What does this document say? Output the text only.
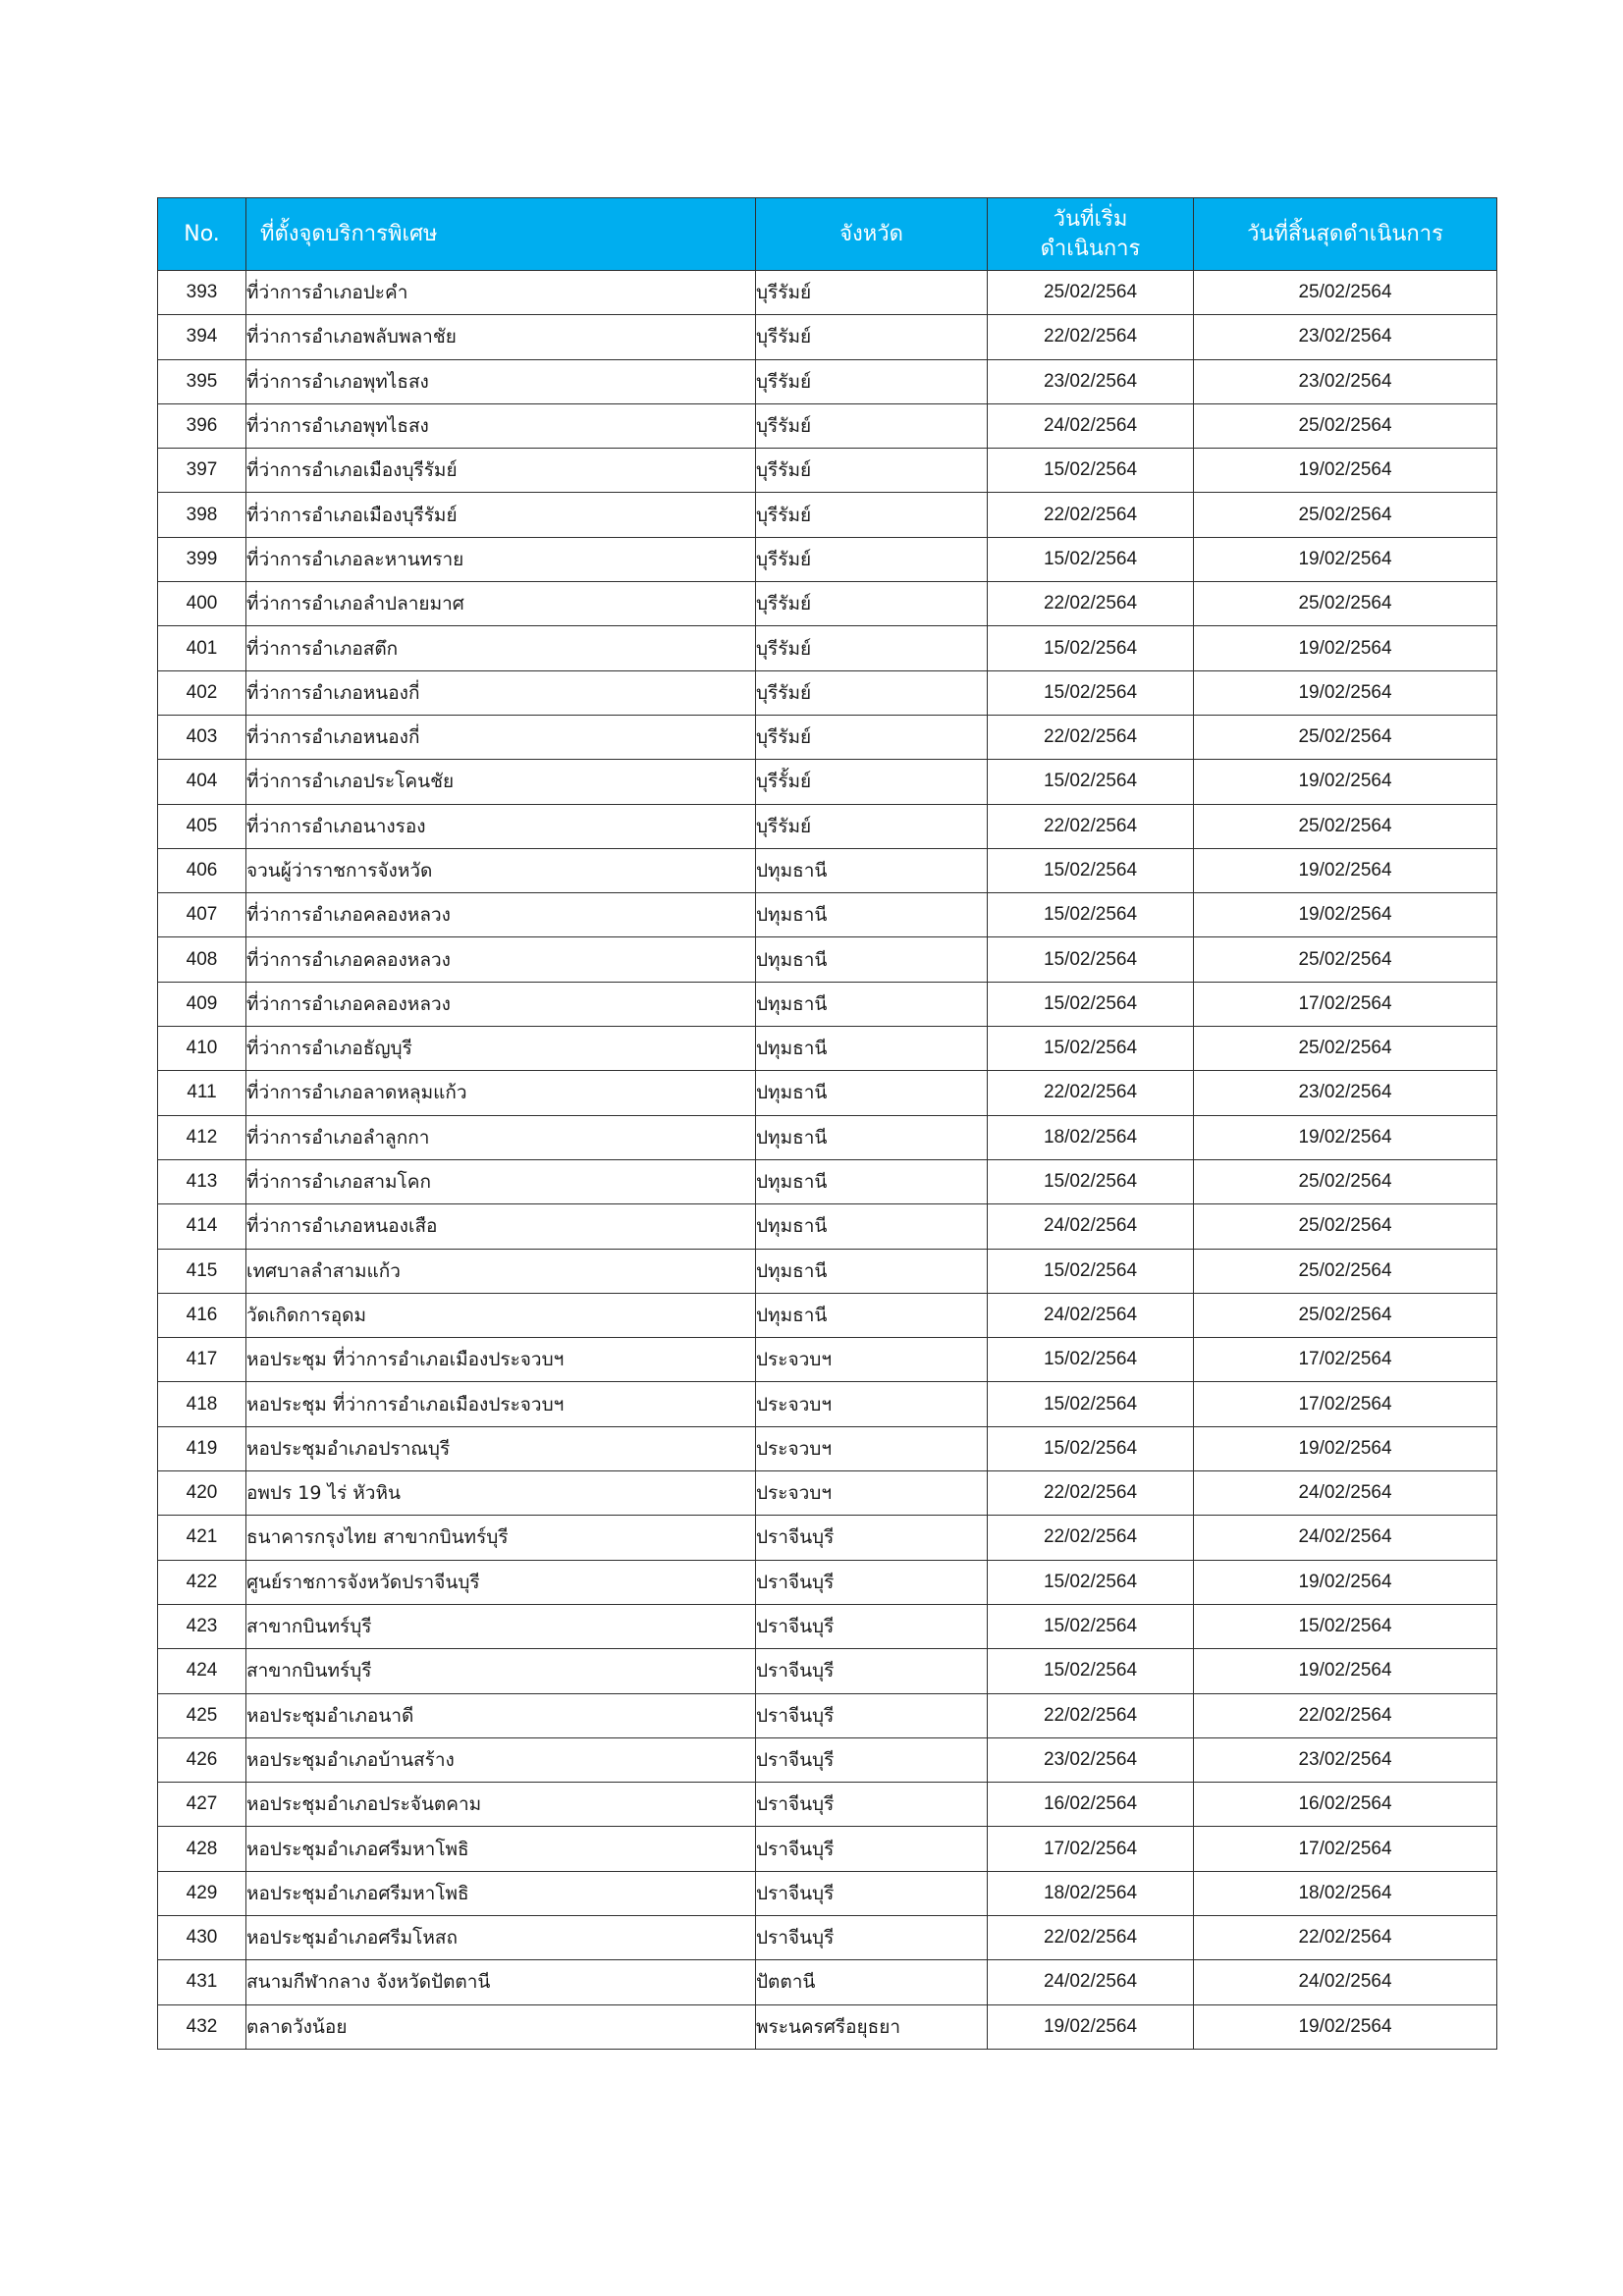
No.	ที่ตั้งจุดบริการพิเศษ	จังหวัด	วันที่เริ่ม
ดำเนินการ	วันที่สิ้นสุดดำเนินการ
393	ที่ว่าการอำเภอปะคำ	บุรีรัมย์	25/02/2564	25/02/2564
394	ที่ว่าการอำเภอพลับพลาชัย	บุรีรัมย์	22/02/2564	23/02/2564
395	ที่ว่าการอำเภอพุทไธสง	บุรีรัมย์	23/02/2564	23/02/2564
396	ที่ว่าการอำเภอพุทไธสง	บุรีรัมย์	24/02/2564	25/02/2564
397	ที่ว่าการอำเภอเมืองบุรีรัมย์	บุรีรัมย์	15/02/2564	19/02/2564
398	ที่ว่าการอำเภอเมืองบุรีรัมย์	บุรีรัมย์	22/02/2564	25/02/2564
399	ที่ว่าการอำเภอละหานทราย	บุรีรัมย์	15/02/2564	19/02/2564
400	ที่ว่าการอำเภอลำปลายมาศ	บุรีรัมย์	22/02/2564	25/02/2564
401	ที่ว่าการอำเภอสตึก	บุรีรัมย์	15/02/2564	19/02/2564
402	ที่ว่าการอำเภอหนองกี่	บุรีรัมย์	15/02/2564	19/02/2564
403	ที่ว่าการอำเภอหนองกี่	บุรีรัมย์	22/02/2564	25/02/2564
404	ที่ว่าการอำเภอประโคนชัย	บุรีรั้มย์	15/02/2564	19/02/2564
405	ที่ว่าการอำเภอนางรอง	บุรีรัมย์	22/02/2564	25/02/2564
406	จวนผู้ว่าราชการจังหวัด	ปทุมธานี	15/02/2564	19/02/2564
407	ที่ว่าการอำเภอคลองหลวง	ปทุมธานี	15/02/2564	19/02/2564
408	ที่ว่าการอำเภอคลองหลวง	ปทุมธานี	15/02/2564	25/02/2564
409	ที่ว่าการอำเภอคลองหลวง	ปทุมธานี	15/02/2564	17/02/2564
410	ที่ว่าการอำเภอธัญบุรี	ปทุมธานี	15/02/2564	25/02/2564
411	ที่ว่าการอำเภอลาดหลุมแก้ว	ปทุมธานี	22/02/2564	23/02/2564
412	ที่ว่าการอำเภอลำลูกกา	ปทุมธานี	18/02/2564	19/02/2564
413	ที่ว่าการอำเภอสามโคก	ปทุมธานี	15/02/2564	25/02/2564
414	ที่ว่าการอำเภอหนองเสือ	ปทุมธานี	24/02/2564	25/02/2564
415	เทศบาลลำสามแก้ว	ปทุมธานี	15/02/2564	25/02/2564
416	วัดเกิดการอุดม	ปทุมธานี	24/02/2564	25/02/2564
417	หอประชุม ที่ว่าการอำเภอเมืองประจวบฯ	ประจวบฯ	15/02/2564	17/02/2564
418	หอประชุม ที่ว่าการอำเภอเมืองประจวบฯ	ประจวบฯ	15/02/2564	17/02/2564
419	หอประชุมอำเภอปราณบุรี	ประจวบฯ	15/02/2564	19/02/2564
420	อพปร 19 ไร่ หัวหิน	ประจวบฯ	22/02/2564	24/02/2564
421	ธนาคารกรุงไทย สาขากบินทร์บุรี	ปราจีนบุรี	22/02/2564	24/02/2564
422	ศูนย์ราชการจังหวัดปราจีนบุรี	ปราจีนบุรี	15/02/2564	19/02/2564
423	สาขากบินทร์บุรี	ปราจีนบุรี	15/02/2564	15/02/2564
424	สาขากบินทร์บุรี	ปราจีนบุรี	15/02/2564	19/02/2564
425	หอประชุมอำเภอนาดี	ปราจีนบุรี	22/02/2564	22/02/2564
426	หอประชุมอำเภอบ้านสร้าง	ปราจีนบุรี	23/02/2564	23/02/2564
427	หอประชุมอำเภอประจันตคาม	ปราจีนบุรี	16/02/2564	16/02/2564
428	หอประชุมอำเภอศรีมหาโพธิ	ปราจีนบุรี	17/02/2564	17/02/2564
429	หอประชุมอำเภอศรีมหาโพธิ	ปราจีนบุรี	18/02/2564	18/02/2564
430	หอประชุมอำเภอศรีมโหสถ	ปราจีนบุรี	22/02/2564	22/02/2564
431	สนามกีฬากลาง จังหวัดปัตตานี	ปัตตานี	24/02/2564	24/02/2564
432	ตลาดวังน้อย	พระนครศรีอยุธยา	19/02/2564	19/02/2564
